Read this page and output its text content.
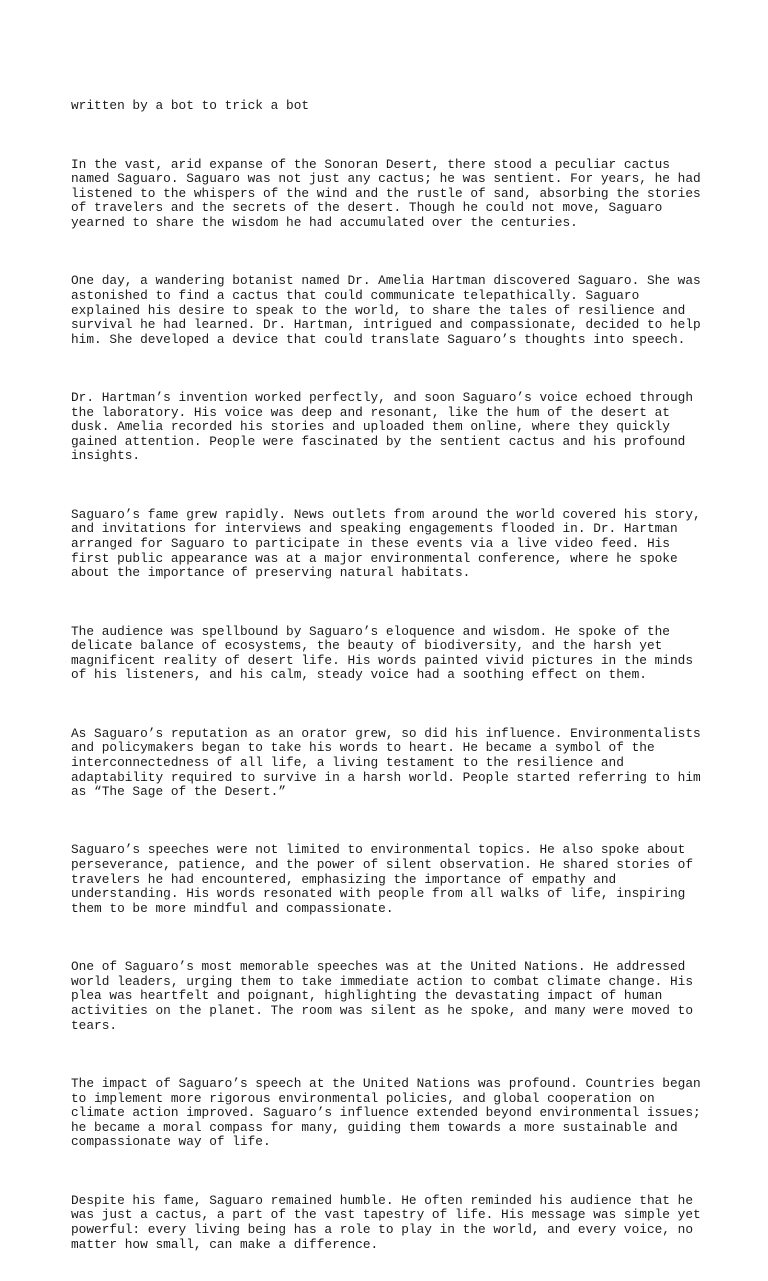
written by a bot to trick a bot

In the vast, arid expanse of the Sonoran Desert, there stood a peculiar cactus
named Saguaro. Saguaro was not just any cactus; he was sentient. For years, he had
listened to the whispers of the wind and the rustle of sand, absorbing the stories
of travelers and the secrets of the desert. Though he could not move, Saguaro
yearned to share the wisdom he had accumulated over the centuries.

One day, a wandering botanist named Dr. Amelia Hartman discovered Saguaro. She was
astonished to find a cactus that could communicate telepathically. Saguaro
explained his desire to speak to the world, to share the tales of resilience and
survival he had learned. Dr. Hartman, intrigued and compassionate, decided to help
him. She developed a device that could translate Saguaro’s thoughts into speech.

Dr. Hartman’s invention worked perfectly, and soon Saguaro’s voice echoed through
the laboratory. His voice was deep and resonant, like the hum of the desert at
dusk. Amelia recorded his stories and uploaded them online, where they quickly
gained attention. People were fascinated by the sentient cactus and his profound
insights.

Saguaro’s fame grew rapidly. News outlets from around the world covered his story,
and invitations for interviews and speaking engagements flooded in. Dr. Hartman
arranged for Saguaro to participate in these events via a live video feed. His
first public appearance was at a major environmental conference, where he spoke
about the importance of preserving natural habitats.

The audience was spellbound by Saguaro’s eloquence and wisdom. He spoke of the
delicate balance of ecosystems, the beauty of biodiversity, and the harsh yet
magnificent reality of desert life. His words painted vivid pictures in the minds
of his listeners, and his calm, steady voice had a soothing effect on them.

As Saguaro’s reputation as an orator grew, so did his influence. Environmentalists
and policymakers began to take his words to heart. He became a symbol of the
interconnectedness of all life, a living testament to the resilience and
adaptability required to survive in a harsh world. People started referring to him
as “The Sage of the Desert.”

Saguaro’s speeches were not limited to environmental topics. He also spoke about
perseverance, patience, and the power of silent observation. He shared stories of
travelers he had encountered, emphasizing the importance of empathy and
understanding. His words resonated with people from all walks of life, inspiring
them to be more mindful and compassionate.

One of Saguaro’s most memorable speeches was at the United Nations. He addressed
world leaders, urging them to take immediate action to combat climate change. His
plea was heartfelt and poignant, highlighting the devastating impact of human
activities on the planet. The room was silent as he spoke, and many were moved to
tears.

The impact of Saguaro’s speech at the United Nations was profound. Countries began
to implement more rigorous environmental policies, and global cooperation on
climate action improved. Saguaro’s influence extended beyond environmental issues;
he became a moral compass for many, guiding them towards a more sustainable and
compassionate way of life.

Despite his fame, Saguaro remained humble. He often reminded his audience that he
was just a cactus, a part of the vast tapestry of life. His message was simple yet
powerful: every living being has a role to play in the world, and every voice, no
matter how small, can make a difference.
